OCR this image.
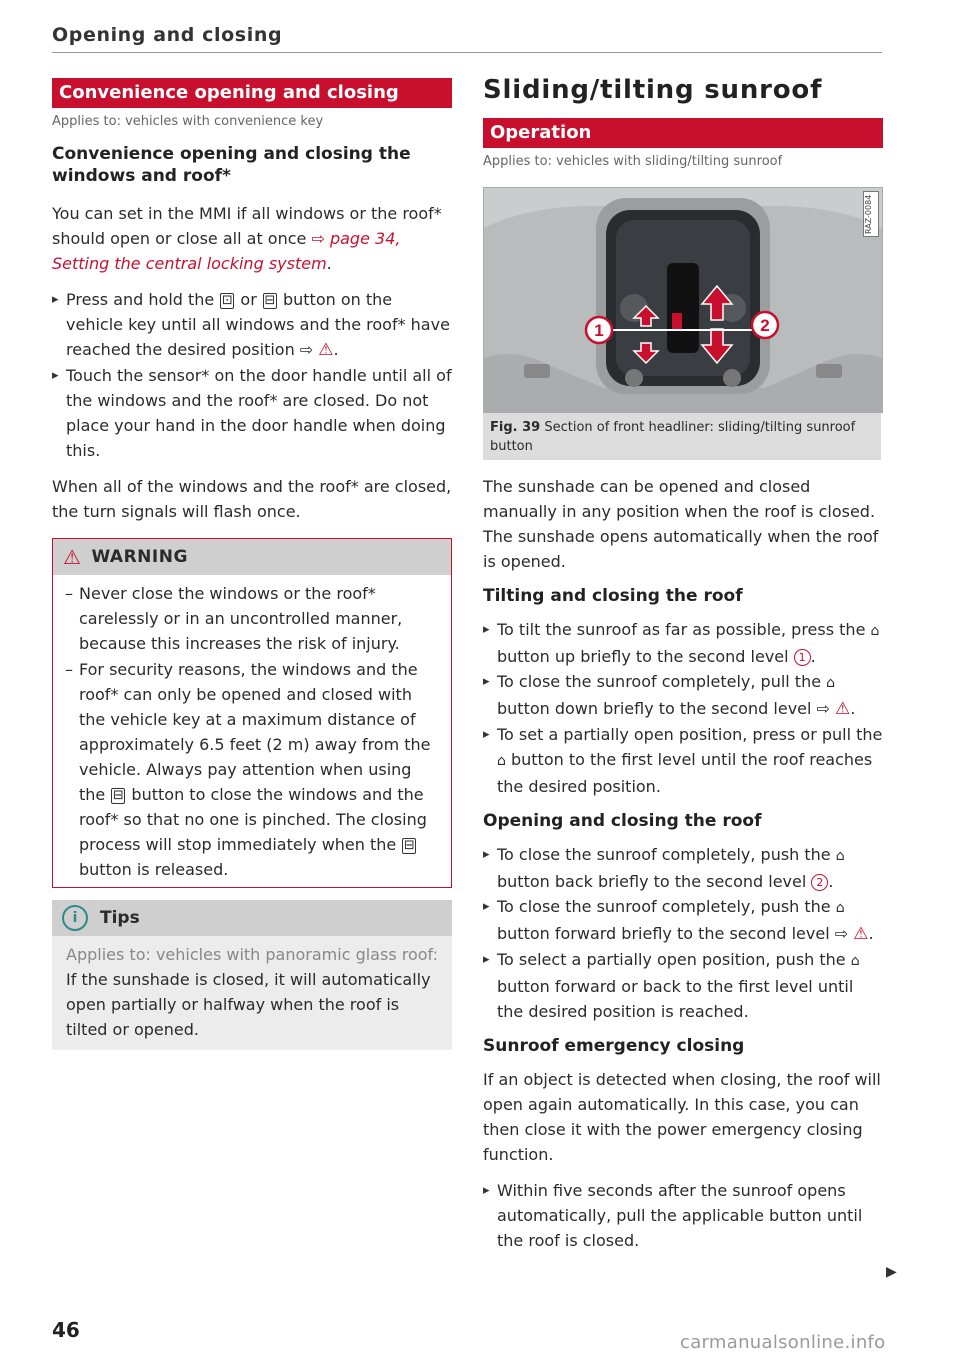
Opening and closing
Convenience opening and closing
Applies to: vehicles with convenience key
Convenience opening and closing the windows and roof*

You can set in the MMI if all windows or the roof* should open or close all at once ⇨ page 34, Setting the central locking system.

▸ Press and hold the ⊡ or ⊟ button on the vehicle key until all windows and the roof* have reached the desired position ⇨ ⚠.
▸ Touch the sensor* on the door handle until all of the windows and the roof* are closed. Do not place your hand in the door handle when doing this.

When all of the windows and the roof* are closed, the turn signals will flash once.

⚠ WARNING
– Never close the windows or the roof* carelessly or in an uncontrolled manner, because this increases the risk of injury.
– For security reasons, the windows and the roof* can only be opened and closed with the vehicle key at a maximum distance of approximately 6.5 feet (2 m) away from the vehicle. Always pay attention when using the ⊟ button to close the windows and the roof* so that no one is pinched. The closing process will stop immediately when the ⊟ button is released.
i	Tips
Applies to: vehicles with panoramic glass roof: If the sunshade is closed, it will automatically open partially or halfway when the roof is tilted or opened.
Sliding/tilting sunroof
Operation
Applies to: vehicles with sliding/tilting sunroof
1	2
RAZ-0084
Fig. 39 Section of front headliner: sliding/tilting sunroof button

The sunshade can be opened and closed manually in any position when the roof is closed. The sunshade opens automatically when the roof is opened.

Tilting and closing the roof
▸ To tilt the sunroof as far as possible, press the ⌂ button up briefly to the second level 1 .
▸ To close the sunroof completely, pull the ⌂ button down briefly to the second level ⇨ ⚠.
▸ To set a partially open position, press or pull the ⌂ button to the first level until the roof reaches the desired position.
Opening and closing the roof
▸ To close the sunroof completely, push the ⌂ button back briefly to the second level 2 .
▸ To close the sunroof completely, push the ⌂ button forward briefly to the second level ⇨ ⚠.
▸ To select a partially open position, push the ⌂ button forward or back to the first level until the desired position is reached.
Sunroof emergency closing

If an object is detected when closing, the roof will open again automatically. In this case, you can then close it with the power emergency closing function.

▸ Within five seconds after the sunroof opens automatically, pull the applicable button until the roof is closed.
▶
46
carmanualsonline.info
